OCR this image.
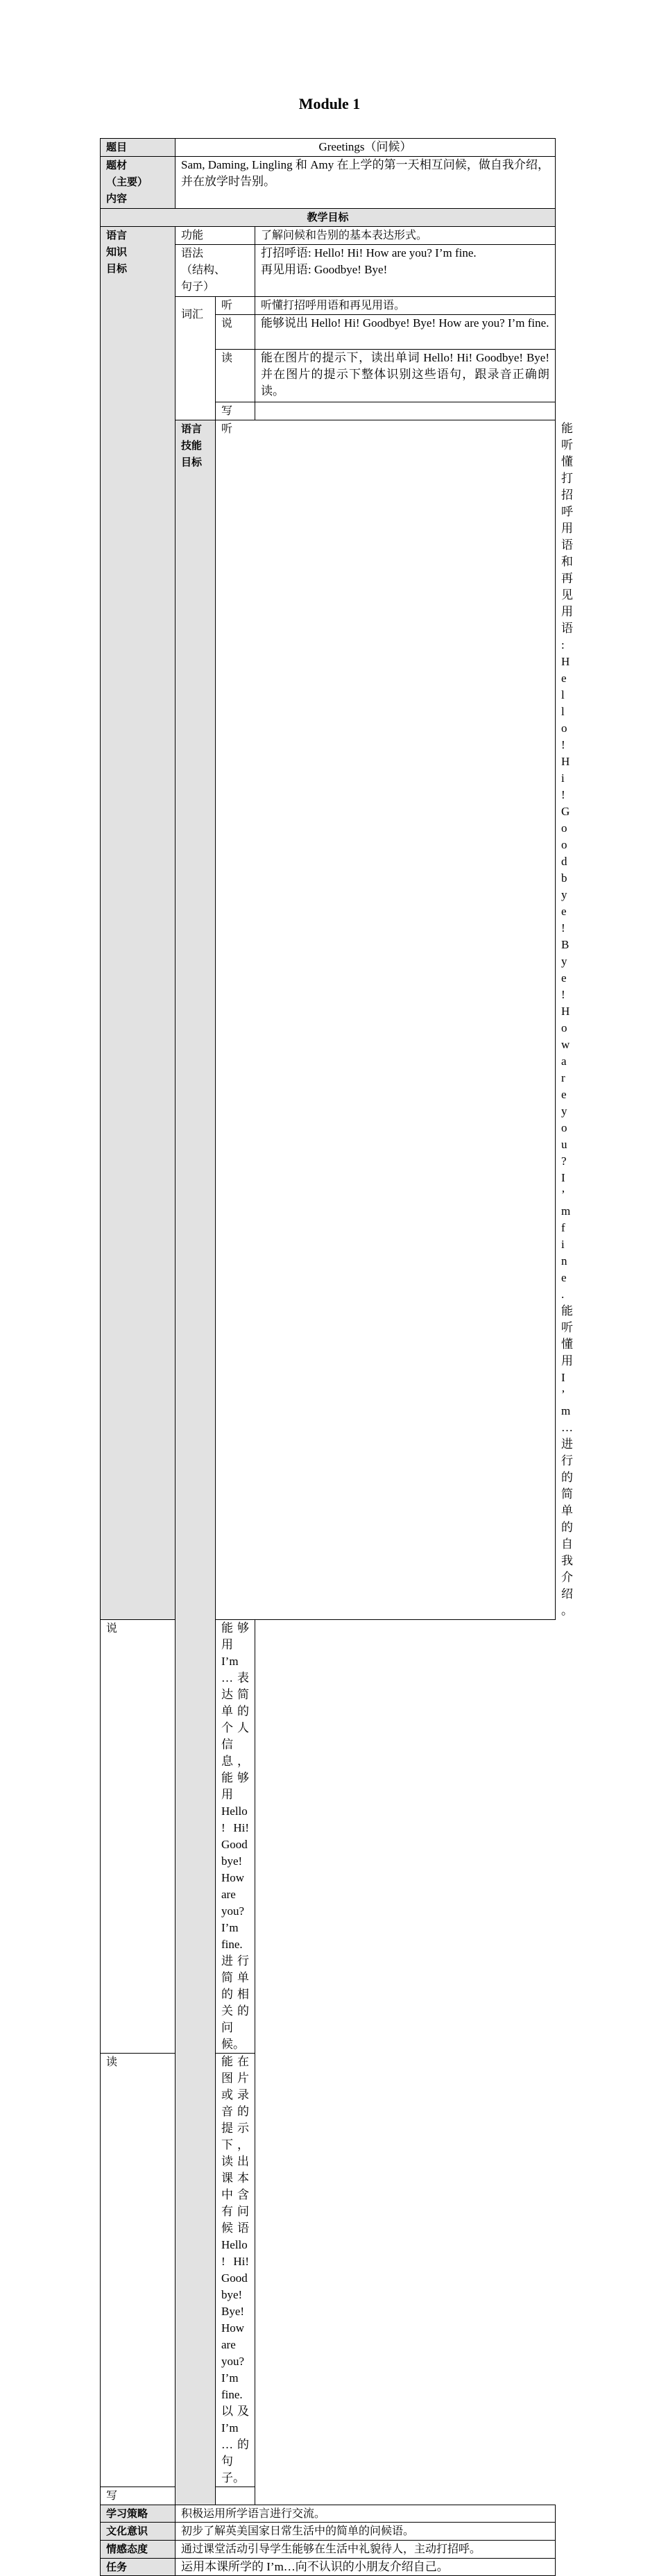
Module 1
题目	Greetings（问候）			

题材
（主要）
内容	Sam, Daming, Lingling 和 Amy 在上学的第一天相互问候，做自我介绍，并在放学时告别。			
教学目标				

语言
知识
目标	功能		了解问候和告别的基本表达形式。	

	语法
（结构、
句子）		打招呼语: Hello! Hi! How are you? I’m fine.
再见用语: Goodbye! Bye!	

	词汇	听	听懂打招呼用语和再见用语。	
		说	能够说出 Hello! Hi! Goodbye! Bye! How are you? I’m fine.	
		读	能在图片的提示下，读出单词 Hello! Hi! Goodbye! Bye! 并在图片的提示下整体识别这些语句，跟录音正确朗读。	
		写		

	语言
技能
目标	听		能听懂打招呼用语和再见用语: Hello! Hi! Goodbye! Bye! How are you? I’m fine. 能听懂用 I’m…进行的简单的自我介绍。
说		能够用 I’m…表达简单的个人信息，能够用 Hello! Hi! Goodbye! How are you? I’m fine.进行简单的相关的问候。		
读		能在图片或录音的提示下，读出课本中含有问候语 Hello! Hi! Goodbye! Bye! How are you? I’m fine. 以及 I’m…的句子。		
写				
学习策略	积极运用所学语言进行交流。			
文化意识	初步了解英美国家日常生活中的简单的问候语。			
情感态度	通过课堂活动引导学生能够在生活中礼貌待人，主动打招呼。			
任务	运用本课所学的 I’m…向不认识的小朋友介绍自己。			
